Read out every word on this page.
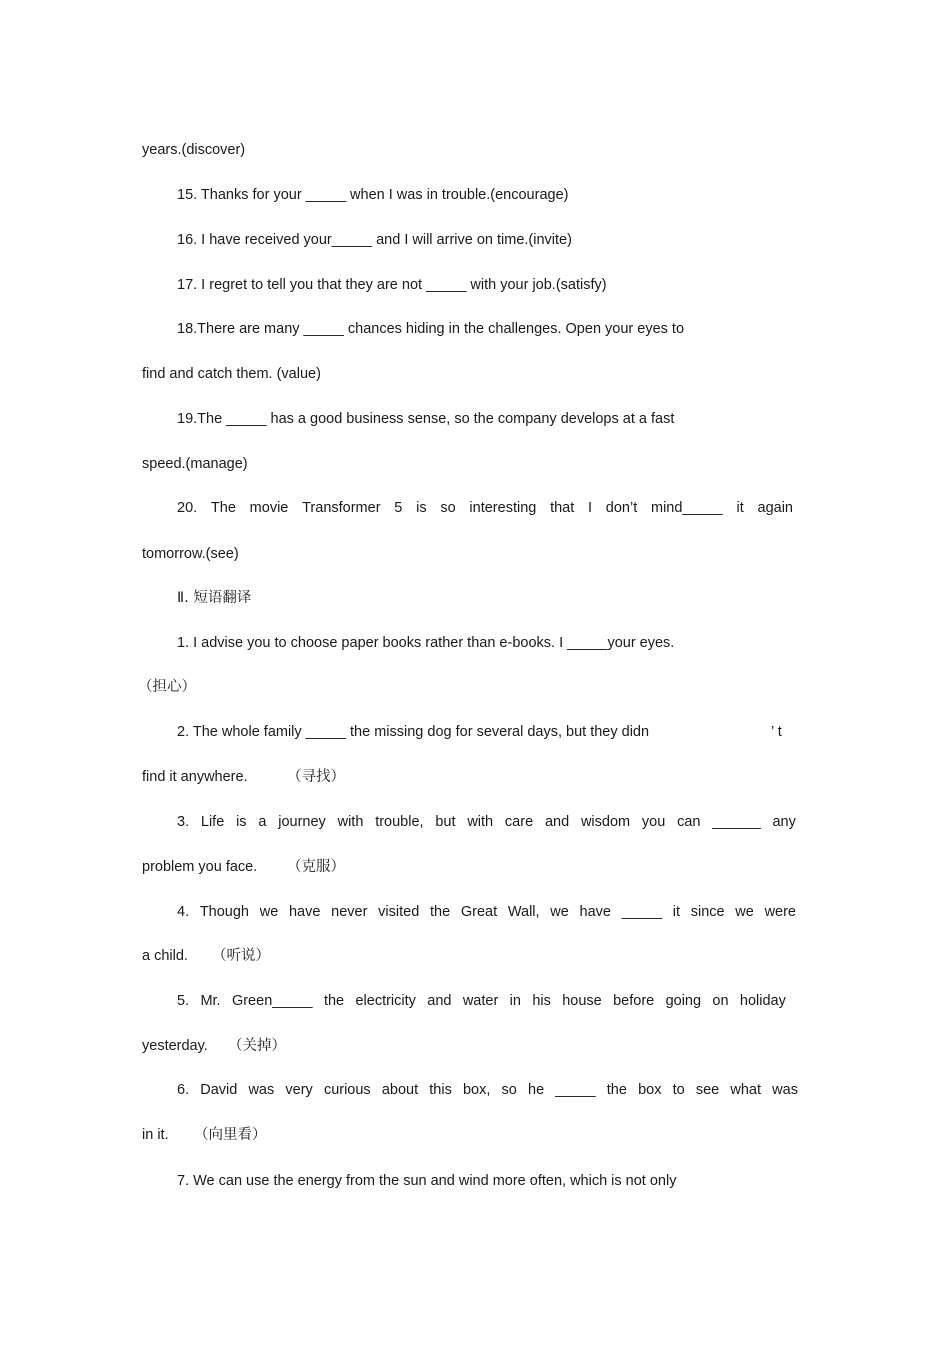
years.(discover)
15. Thanks for your _____ when I was in trouble.(encourage)
16. I have received your_____ and I will arrive on time.(invite)
17. I regret to tell you that they are not _____ with your job.(satisfy)
18.There are many _____ chances hiding in the challenges. Open your eyes to
find and catch them. (value)
19.The _____ has a good business sense, so the company develops at a fast
speed.(manage)
20. The movie Transformer 5 is so interesting that I don’t mind_____ it again
tomorrow.(see)
Ⅱ. 短语翻译
1. I advise you to choose paper books rather than e-books. I _____your eyes.
（担心）
2. The whole family _____ the missing dog for several days, but they didn	’ t
find it anywhere.	（寻找）
3. Life is a journey with trouble, but with care and wisdom you can ______ any
problem you face. （克服）
4. Though we have never visited the Great Wall, we have _____ it since we were
a child. （听说）
5. Mr. Green_____ the electricity and water in his house before going on holiday
yesterday. （关掉）
6. David was very curious about this box, so he _____ the box to see what was
in it. （向里看）
7. We can use the energy from the sun and wind more often, which is not only
